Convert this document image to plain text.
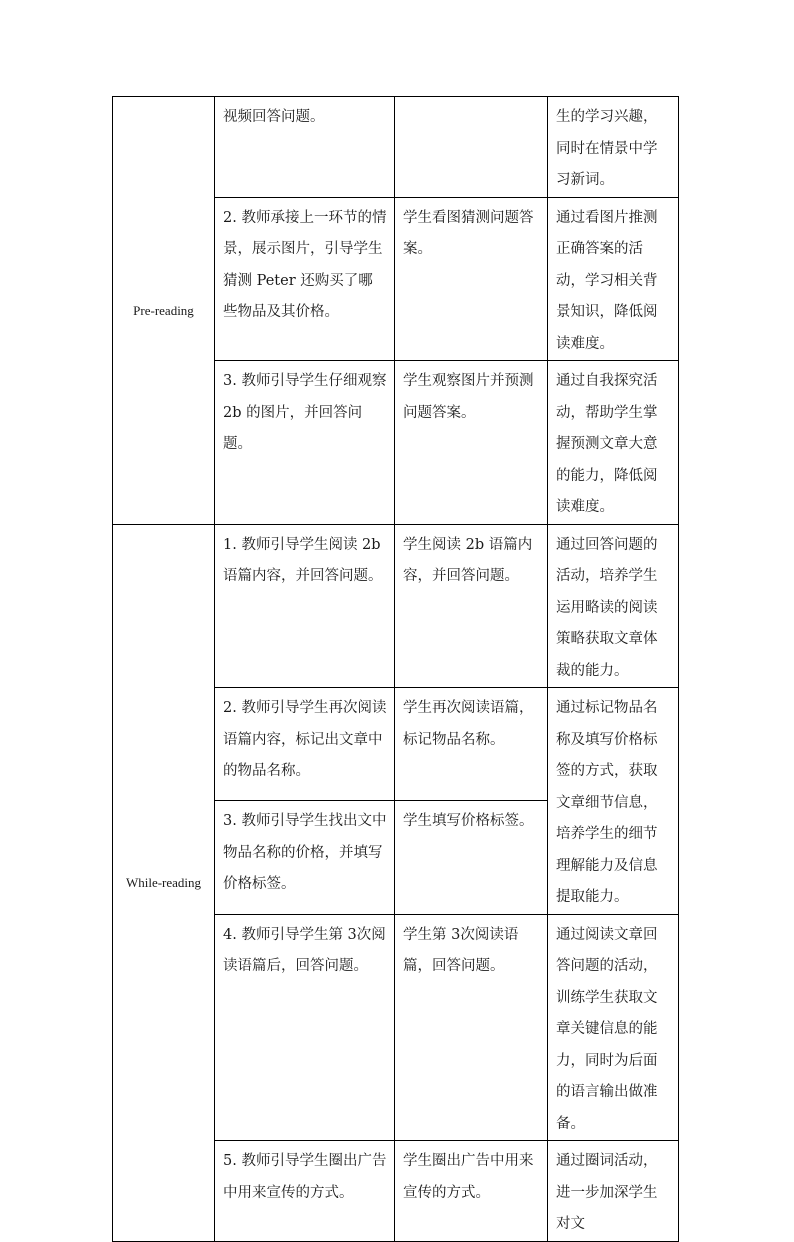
Pre-reading	视频回答问题。		生的学习兴趣，同时在情景中学习新词。

	2. 教师承接上一环节的情景，展示图片，引导学生猜测 Peter 还购买了哪些物品及其价格。	学生看图猜测问题答案。	通过看图片推测正确答案的活动，学习相关背景知识，降低阅读难度。

	3. 教师引导学生仔细观察 2b 的图片，并回答问题。	学生观察图片并预测问题答案。	通过自我探究活动，帮助学生掌握预测文章大意的能力，降低阅读难度。

While-reading	1. 教师引导学生阅读 2b 语篇内容，并回答问题。	学生阅读 2b 语篇内容，并回答问题。	通过回答问题的活动，培养学生运用略读的阅读策略获取文章体裁的能力。

	2. 教师引导学生再次阅读语篇内容，标记出文章中的物品名称。	学生再次阅读语篇，标记物品名称。	通过标记物品名称及填写价格标签的方式，获取文章细节信息，培养学生的细节理解能力及信息提取能力。

	3. 教师引导学生找出文中物品名称的价格，并填写价格标签。	学生填写价格标签。	

	4. 教师引导学生第 3次阅读语篇后，回答问题。	学生第 3次阅读语篇，回答问题。	通过阅读文章回答问题的活动，训练学生获取文章关键信息的能力，同时为后面的语言输出做准备。

	5. 教师引导学生圈出广告中用来宣传的方式。	学生圈出广告中用来宣传的方式。	通过圈词活动，进一步加深学生对文
